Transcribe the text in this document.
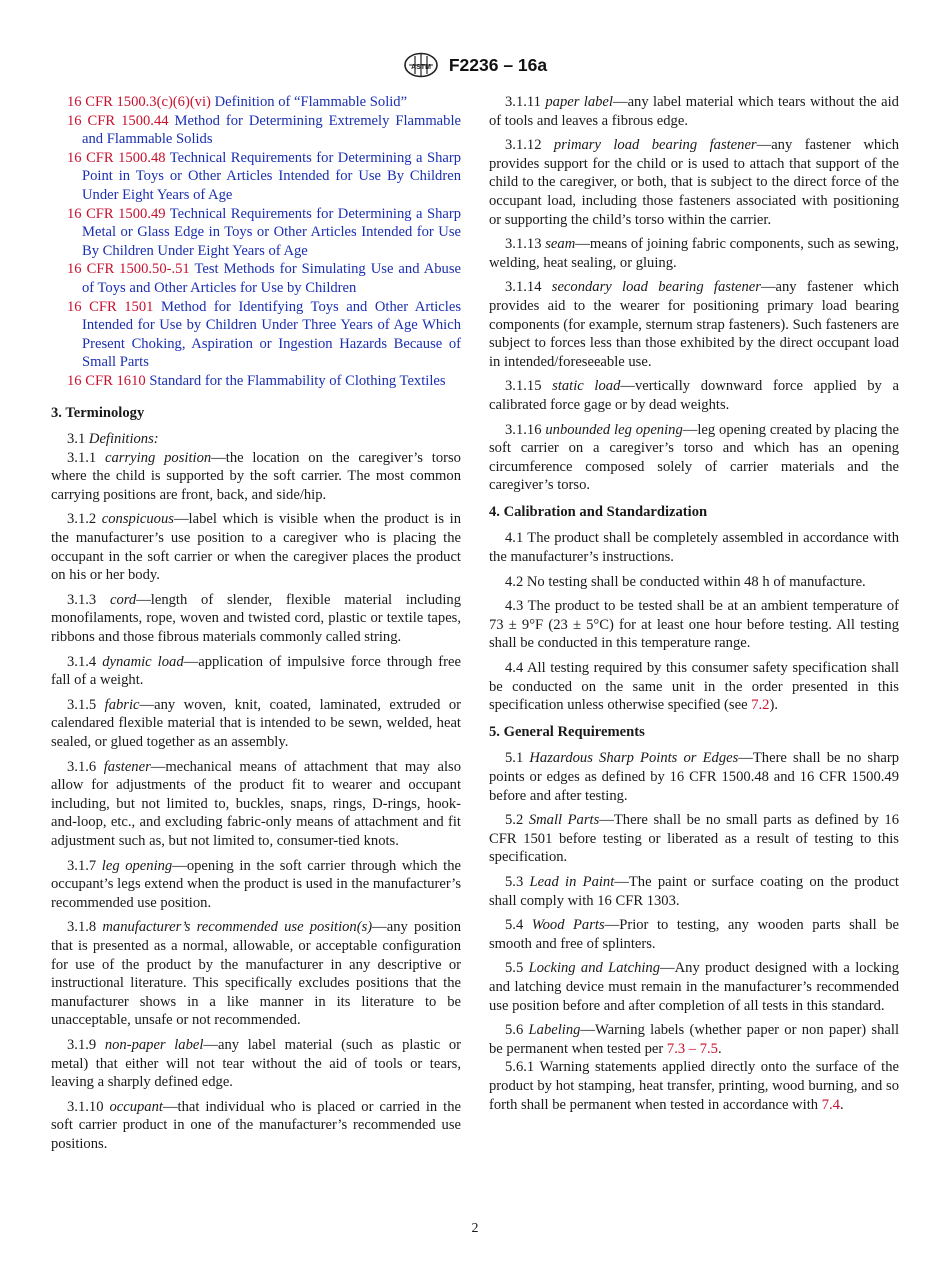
ASTM F2236 – 16a
16 CFR 1500.3(c)(6)(vi) Definition of “Flammable Solid”
16 CFR 1500.44 Method for Determining Extremely Flammable and Flammable Solids
16 CFR 1500.48 Technical Requirements for Determining a Sharp Point in Toys or Other Articles Intended for Use By Children Under Eight Years of Age
16 CFR 1500.49 Technical Requirements for Determining a Sharp Metal or Glass Edge in Toys or Other Articles Intended for Use By Children Under Eight Years of Age
16 CFR 1500.50-.51 Test Methods for Simulating Use and Abuse of Toys and Other Articles for Use by Children
16 CFR 1501 Method for Identifying Toys and Other Articles Intended for Use by Children Under Three Years of Age Which Present Choking, Aspiration or Ingestion Hazards Because of Small Parts
16 CFR 1610 Standard for the Flammability of Clothing Textiles
3. Terminology

3.1 Definitions:

3.1.1 carrying position—the location on the caregiver’s torso where the child is supported by the soft carrier. The most common carrying positions are front, back, and side/hip.

3.1.2 conspicuous—label which is visible when the product is in the manufacturer’s use position to a caregiver who is placing the occupant in the soft carrier or when the caregiver places the product on his or her body.

3.1.3 cord—length of slender, flexible material including monofilaments, rope, woven and twisted cord, plastic or textile tapes, ribbons and those fibrous materials commonly called string.

3.1.4 dynamic load—application of impulsive force through free fall of a weight.

3.1.5 fabric—any woven, knit, coated, laminated, extruded or calendared flexible material that is intended to be sewn, welded, heat sealed, or glued together as an assembly.

3.1.6 fastener—mechanical means of attachment that may also allow for adjustments of the product fit to wearer and occupant including, but not limited to, buckles, snaps, rings, D-rings, hook-and-loop, etc., and excluding fabric-only means of attachment and fit adjustment such as, but not limited to, consumer-tied knots.

3.1.7 leg opening—opening in the soft carrier through which the occupant’s legs extend when the product is used in the manufacturer’s recommended use position.

3.1.8 manufacturer’s recommended use position(s)—any position that is presented as a normal, allowable, or acceptable configuration for use of the product by the manufacturer in any descriptive or instructional literature. This specifically excludes positions that the manufacturer shows in a like manner in its literature to be unacceptable, unsafe or not recommended.

3.1.9 non-paper label—any label material (such as plastic or metal) that either will not tear without the aid of tools or tears, leaving a sharply defined edge.

3.1.10 occupant—that individual who is placed or carried in the soft carrier product in one of the manufacturer’s recommended use positions.

3.1.11 paper label—any label material which tears without the aid of tools and leaves a fibrous edge.

3.1.12 primary load bearing fastener—any fastener which provides support for the child or is used to attach that support of the child to the caregiver, or both, that is subject to the direct force of the occupant load, including those fasteners associated with positioning or supporting the child’s torso within the carrier.

3.1.13 seam—means of joining fabric components, such as sewing, welding, heat sealing, or gluing.

3.1.14 secondary load bearing fastener—any fastener which provides aid to the wearer for positioning primary load bearing components (for example, sternum strap fasteners). Such fasteners are subject to forces less than those exhibited by the direct occupant load in intended/foreseeable use.

3.1.15 static load—vertically downward force applied by a calibrated force gage or by dead weights.

3.1.16 unbounded leg opening—leg opening created by placing the soft carrier on a caregiver’s torso and which has an opening circumference composed solely of carrier materials and the caregiver’s torso.

4. Calibration and Standardization

4.1 The product shall be completely assembled in accordance with the manufacturer’s instructions.

4.2 No testing shall be conducted within 48 h of manufacture.

4.3 The product to be tested shall be at an ambient temperature of 73 ± 9°F (23 ± 5°C) for at least one hour before testing. All testing shall be conducted in this temperature range.

4.4 All testing required by this consumer safety specification shall be conducted on the same unit in the order presented in this specification unless otherwise specified (see 7.2).

5. General Requirements

5.1 Hazardous Sharp Points or Edges—There shall be no sharp points or edges as defined by 16 CFR 1500.48 and 16 CFR 1500.49 before and after testing.

5.2 Small Parts—There shall be no small parts as defined by 16 CFR 1501 before testing or liberated as a result of testing to this specification.

5.3 Lead in Paint—The paint or surface coating on the product shall comply with 16 CFR 1303.

5.4 Wood Parts—Prior to testing, any wooden parts shall be smooth and free of splinters.

5.5 Locking and Latching—Any product designed with a locking and latching device must remain in the manufacturer’s recommended use position before and after completion of all tests in this standard.

5.6 Labeling—Warning labels (whether paper or non paper) shall be permanent when tested per 7.3 – 7.5.

5.6.1 Warning statements applied directly onto the surface of the product by hot stamping, heat transfer, printing, wood burning, and so forth shall be permanent when tested in accordance with 7.4.

2
